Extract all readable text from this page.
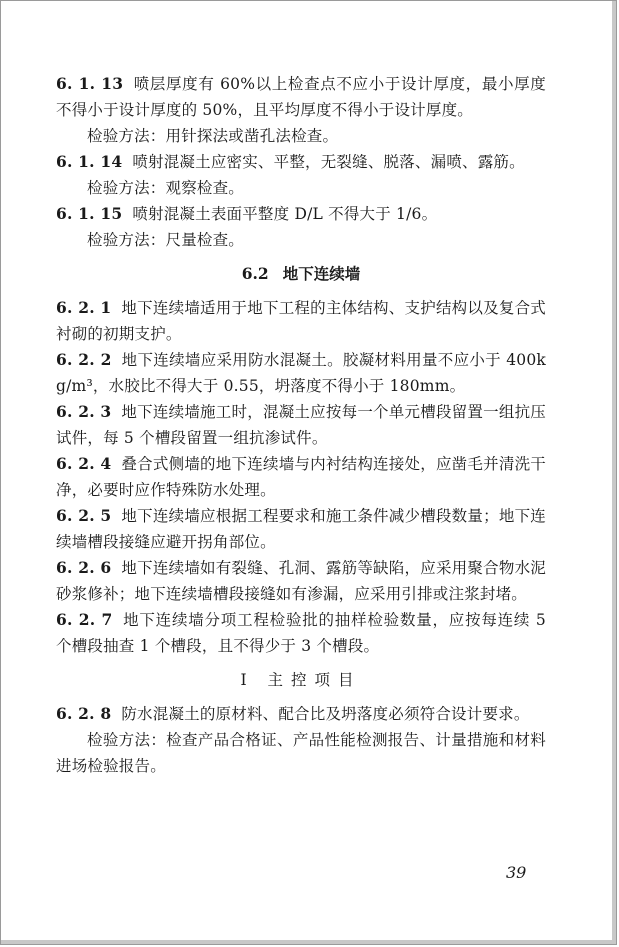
6. 1. 13 喷层厚度有 60%以上检查点不应小于设计厚度，最小厚度不得小于设计厚度的 50%，且平均厚度不得小于设计厚度。

检验方法：用针探法或凿孔法检查。

6. 1. 14 喷射混凝土应密实、平整，无裂缝、脱落、漏喷、露筋。

检验方法：观察检查。

6. 1. 15 喷射混凝土表面平整度 D/L 不得大于 1/6。

检验方法：尺量检查。

6.2 地下连续墙

6. 2. 1 地下连续墙适用于地下工程的主体结构、支护结构以及复合式衬砌的初期支护。

6. 2. 2 地下连续墙应采用防水混凝土。胶凝材料用量不应小于 400kg/m³，水胶比不得大于 0.55，坍落度不得小于 180mm。

6. 2. 3 地下连续墙施工时，混凝土应按每一个单元槽段留置一组抗压试件，每 5 个槽段留置一组抗渗试件。

6. 2. 4 叠合式侧墙的地下连续墙与内衬结构连接处，应凿毛并清洗干净，必要时应作特殊防水处理。

6. 2. 5 地下连续墙应根据工程要求和施工条件减少槽段数量；地下连续墙槽段接缝应避开拐角部位。

6. 2. 6 地下连续墙如有裂缝、孔洞、露筋等缺陷，应采用聚合物水泥砂浆修补；地下连续墙槽段接缝如有渗漏，应采用引排或注浆封堵。

6. 2. 7 地下连续墙分项工程检验批的抽样检验数量，应按每连续 5 个槽段抽查 1 个槽段，且不得少于 3 个槽段。

Ⅰ 主控项目

6. 2. 8 防水混凝土的原材料、配合比及坍落度必须符合设计要求。

检验方法：检查产品合格证、产品性能检测报告、计量措施和材料进场检验报告。

39
